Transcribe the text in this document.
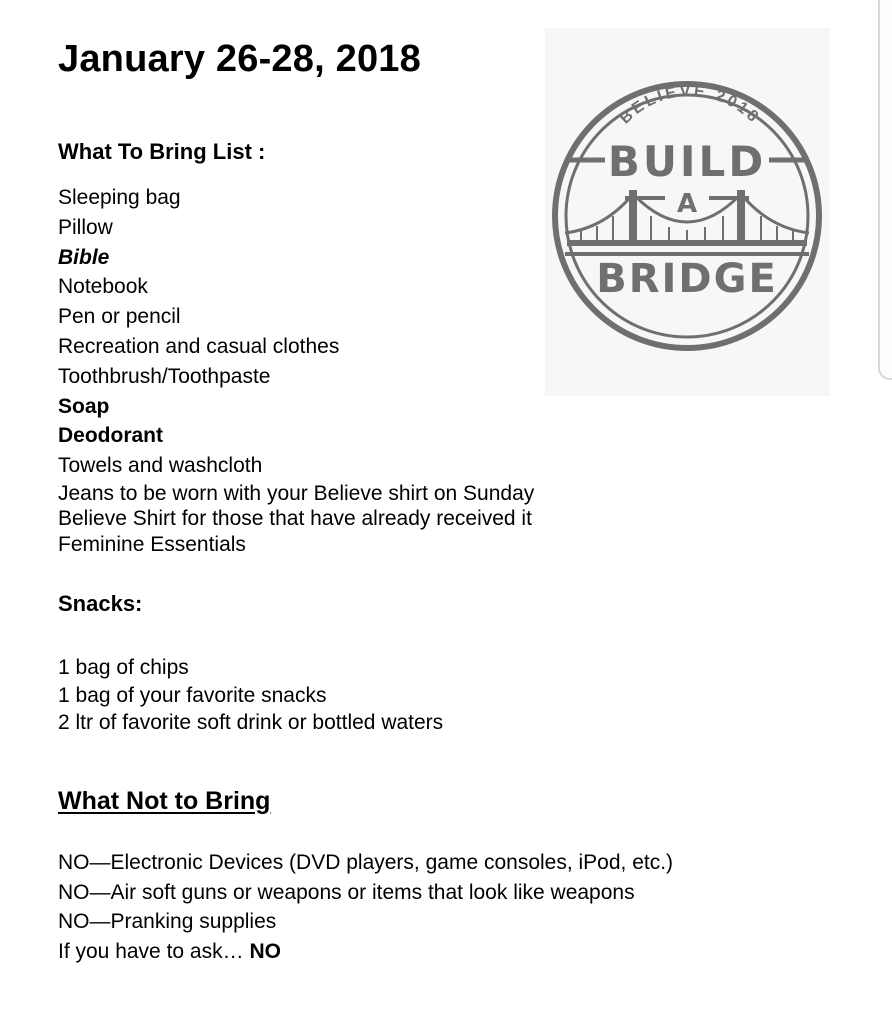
January 26-28, 2018
What To Bring List :
Sleeping bag
Pillow
Bible
Notebook
Pen or pencil
Recreation and casual clothes
Toothbrush/Toothpaste
Soap
Deodorant
Towels and washcloth
Jeans to be worn with your Believe shirt on Sunday
Believe Shirt for those that have already received it
Feminine Essentials
Snacks:
1 bag of chips
1 bag of your favorite snacks
2 ltr of favorite soft drink or bottled waters
What Not to Bring
NO—Electronic Devices (DVD players, game consoles, iPod, etc.)
NO—Air soft guns or weapons or items that look like weapons
NO—Pranking supplies
If you have to ask… NO
BELIEVE 2018
BUILD
A
BRIDGE
